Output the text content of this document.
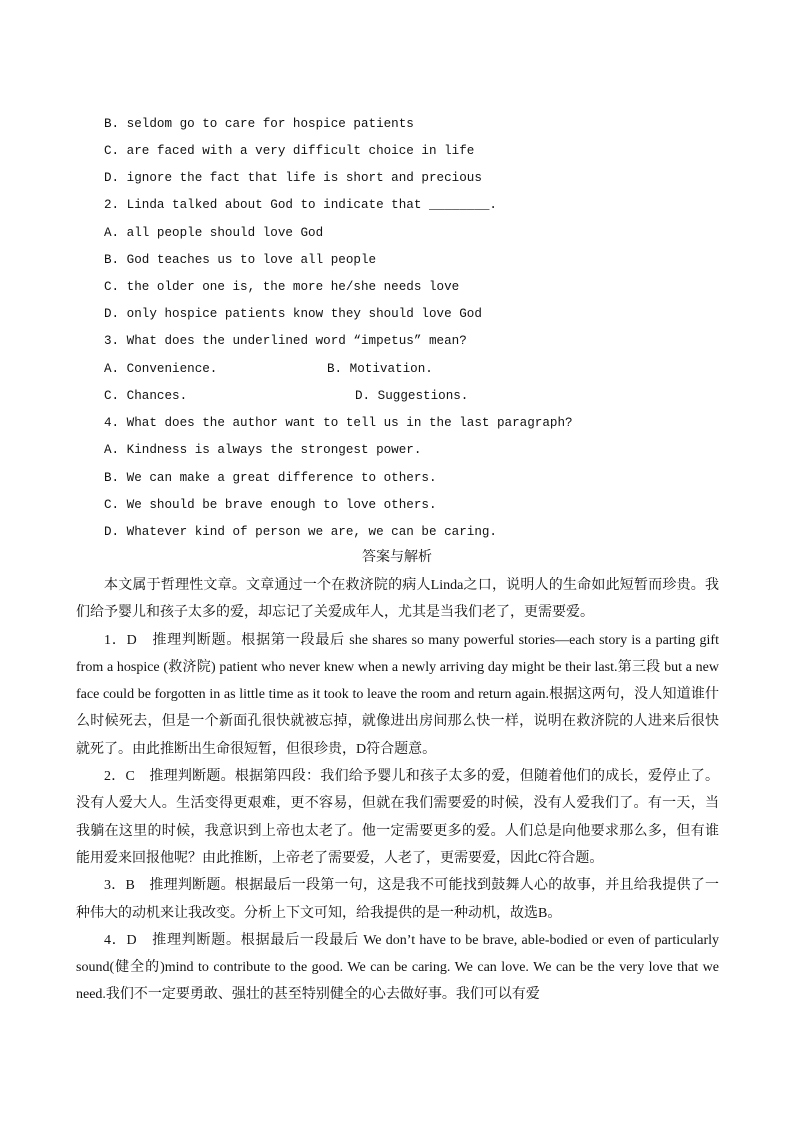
B. seldom go to care for hospice patients
C. are faced with a very difficult choice in life
D. ignore the fact that life is short and precious
2. Linda talked about God to indicate that ________.
A. all people should love God
B. God teaches us to love all people
C. the older one is, the more he/she needs love
D. only hospice patients know they should love God
3. What does the underlined word “impetus” mean?
A. Convenience.	B. Motivation.
C. Chances.	D. Suggestions.
4. What does the author want to tell us in the last paragraph?
A. Kindness is always the strongest power.
B. We can make a great difference to others.
C. We should be brave enough to love others.
D. Whatever kind of person we are, we can be caring.
答案与解析

本文属于哲理性文章。文章通过一个在救济院的病人Linda之口，说明人的生命如此短暂而珍贵。我们给予婴儿和孩子太多的爱，却忘记了关爱成年人，尤其是当我们老了，更需要爱。

1．D　推理判断题。根据第一段最后 she shares so many powerful stories—each story is a parting gift from a hospice (救济院) patient who never knew when a newly arriving day might be their last.第三段 but a new face could be forgotten in as little time as it took to leave the room and return again.根据这两句，没人知道谁什么时候死去，但是一个新面孔很快就被忘掉，就像进出房间那么快一样，说明在救济院的人进来后很快就死了。由此推断出生命很短暂，但很珍贵，D符合题意。

2．C　推理判断题。根据第四段：我们给予婴儿和孩子太多的爱，但随着他们的成长，爱停止了。没有人爱大人。生活变得更艰难，更不容易，但就在我们需要爱的时候，没有人爱我们了。有一天，当我躺在这里的时候，我意识到上帝也太老了。他一定需要更多的爱。人们总是向他要求那么多，但有谁能用爱来回报他呢？由此推断，上帝老了需要爱，人老了，更需要爱，因此C符合题。

3．B　推理判断题。根据最后一段第一句，这是我不可能找到鼓舞人心的故事，并且给我提供了一种伟大的动机来让我改变。分析上下文可知，给我提供的是一种动机，故选B。

4．D　推理判断题。根据最后一段最后 We don’t have to be brave, able-bodied or even of particularly sound(健全的)mind to contribute to the good. We can be caring. We can love. We can be the very love that we need.我们不一定要勇敢、强壮的甚至特别健全的心去做好事。我们可以有爱
